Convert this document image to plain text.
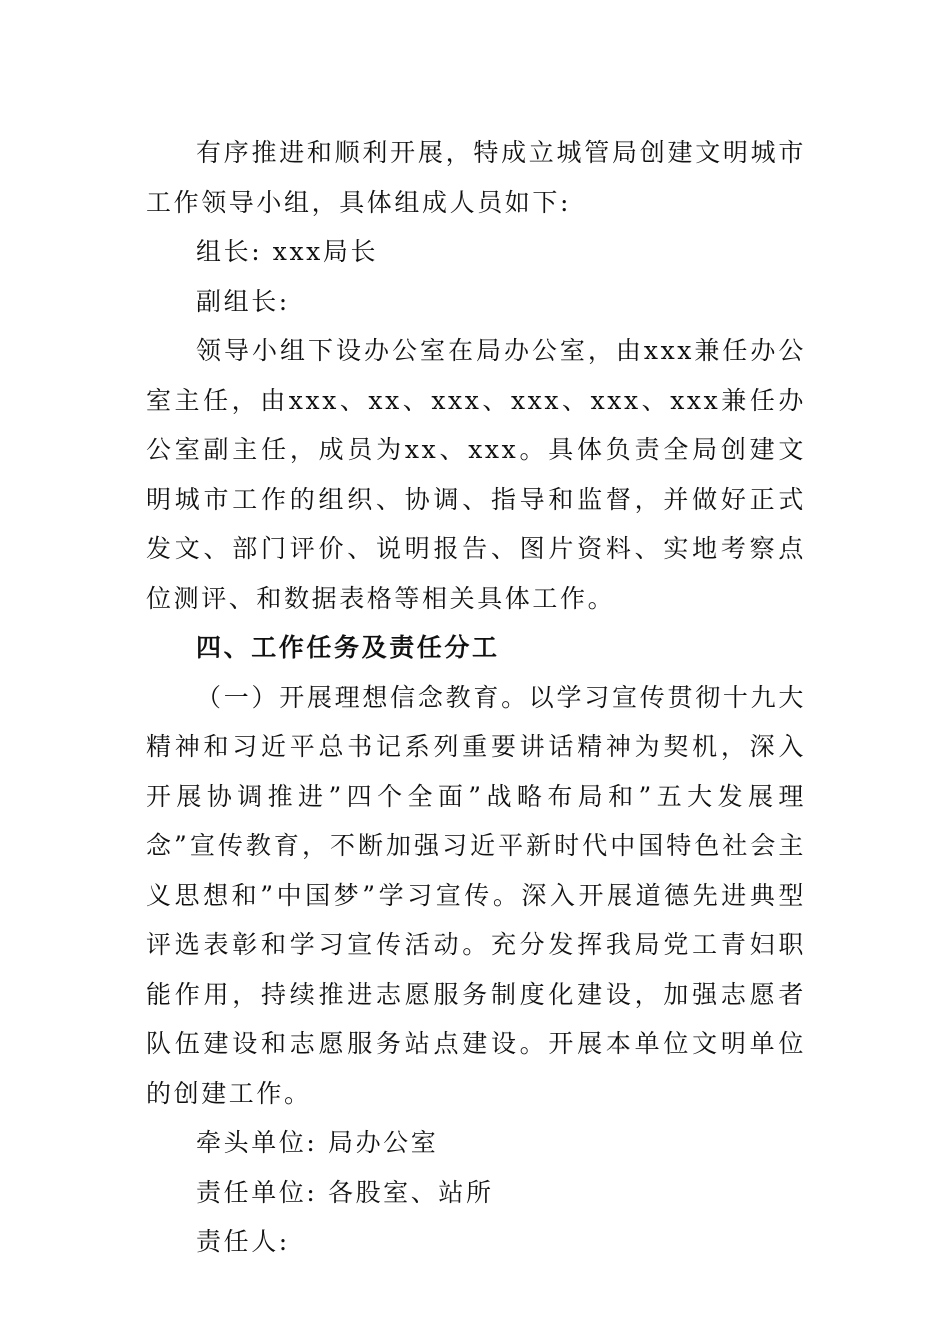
有序推进和顺利开展，特成立城管局创建文明城市工作领导小组，具体组成人员如下:

组长: xxx局长

副组长:

领导小组下设办公室在局办公室，由xxx兼任办公室主任，由xxx、xx、xxx、xxx、xxx、xxx兼任办公室副主任，成员为xx、xxx。具体负责全局创建文明城市工作的组织、协调、指导和监督，并做好正式发文、部门评价、说明报告、图片资料、实地考察点位测评、和数据表格等相关具体工作。

四、工作任务及责任分工

（一）开展理想信念教育。以学习宣传贯彻十九大精神和习近平总书记系列重要讲话精神为契机，深入开展协调推进”四个全面”战略布局和”五大发展理念”宣传教育，不断加强习近平新时代中国特色社会主义思想和”中国梦”学习宣传。深入开展道德先进典型评选表彰和学习宣传活动。充分发挥我局党工青妇职能作用，持续推进志愿服务制度化建设，加强志愿者队伍建设和志愿服务站点建设。开展本单位文明单位的创建工作。

牵头单位: 局办公室

责任单位: 各股室、站所

责任人:
